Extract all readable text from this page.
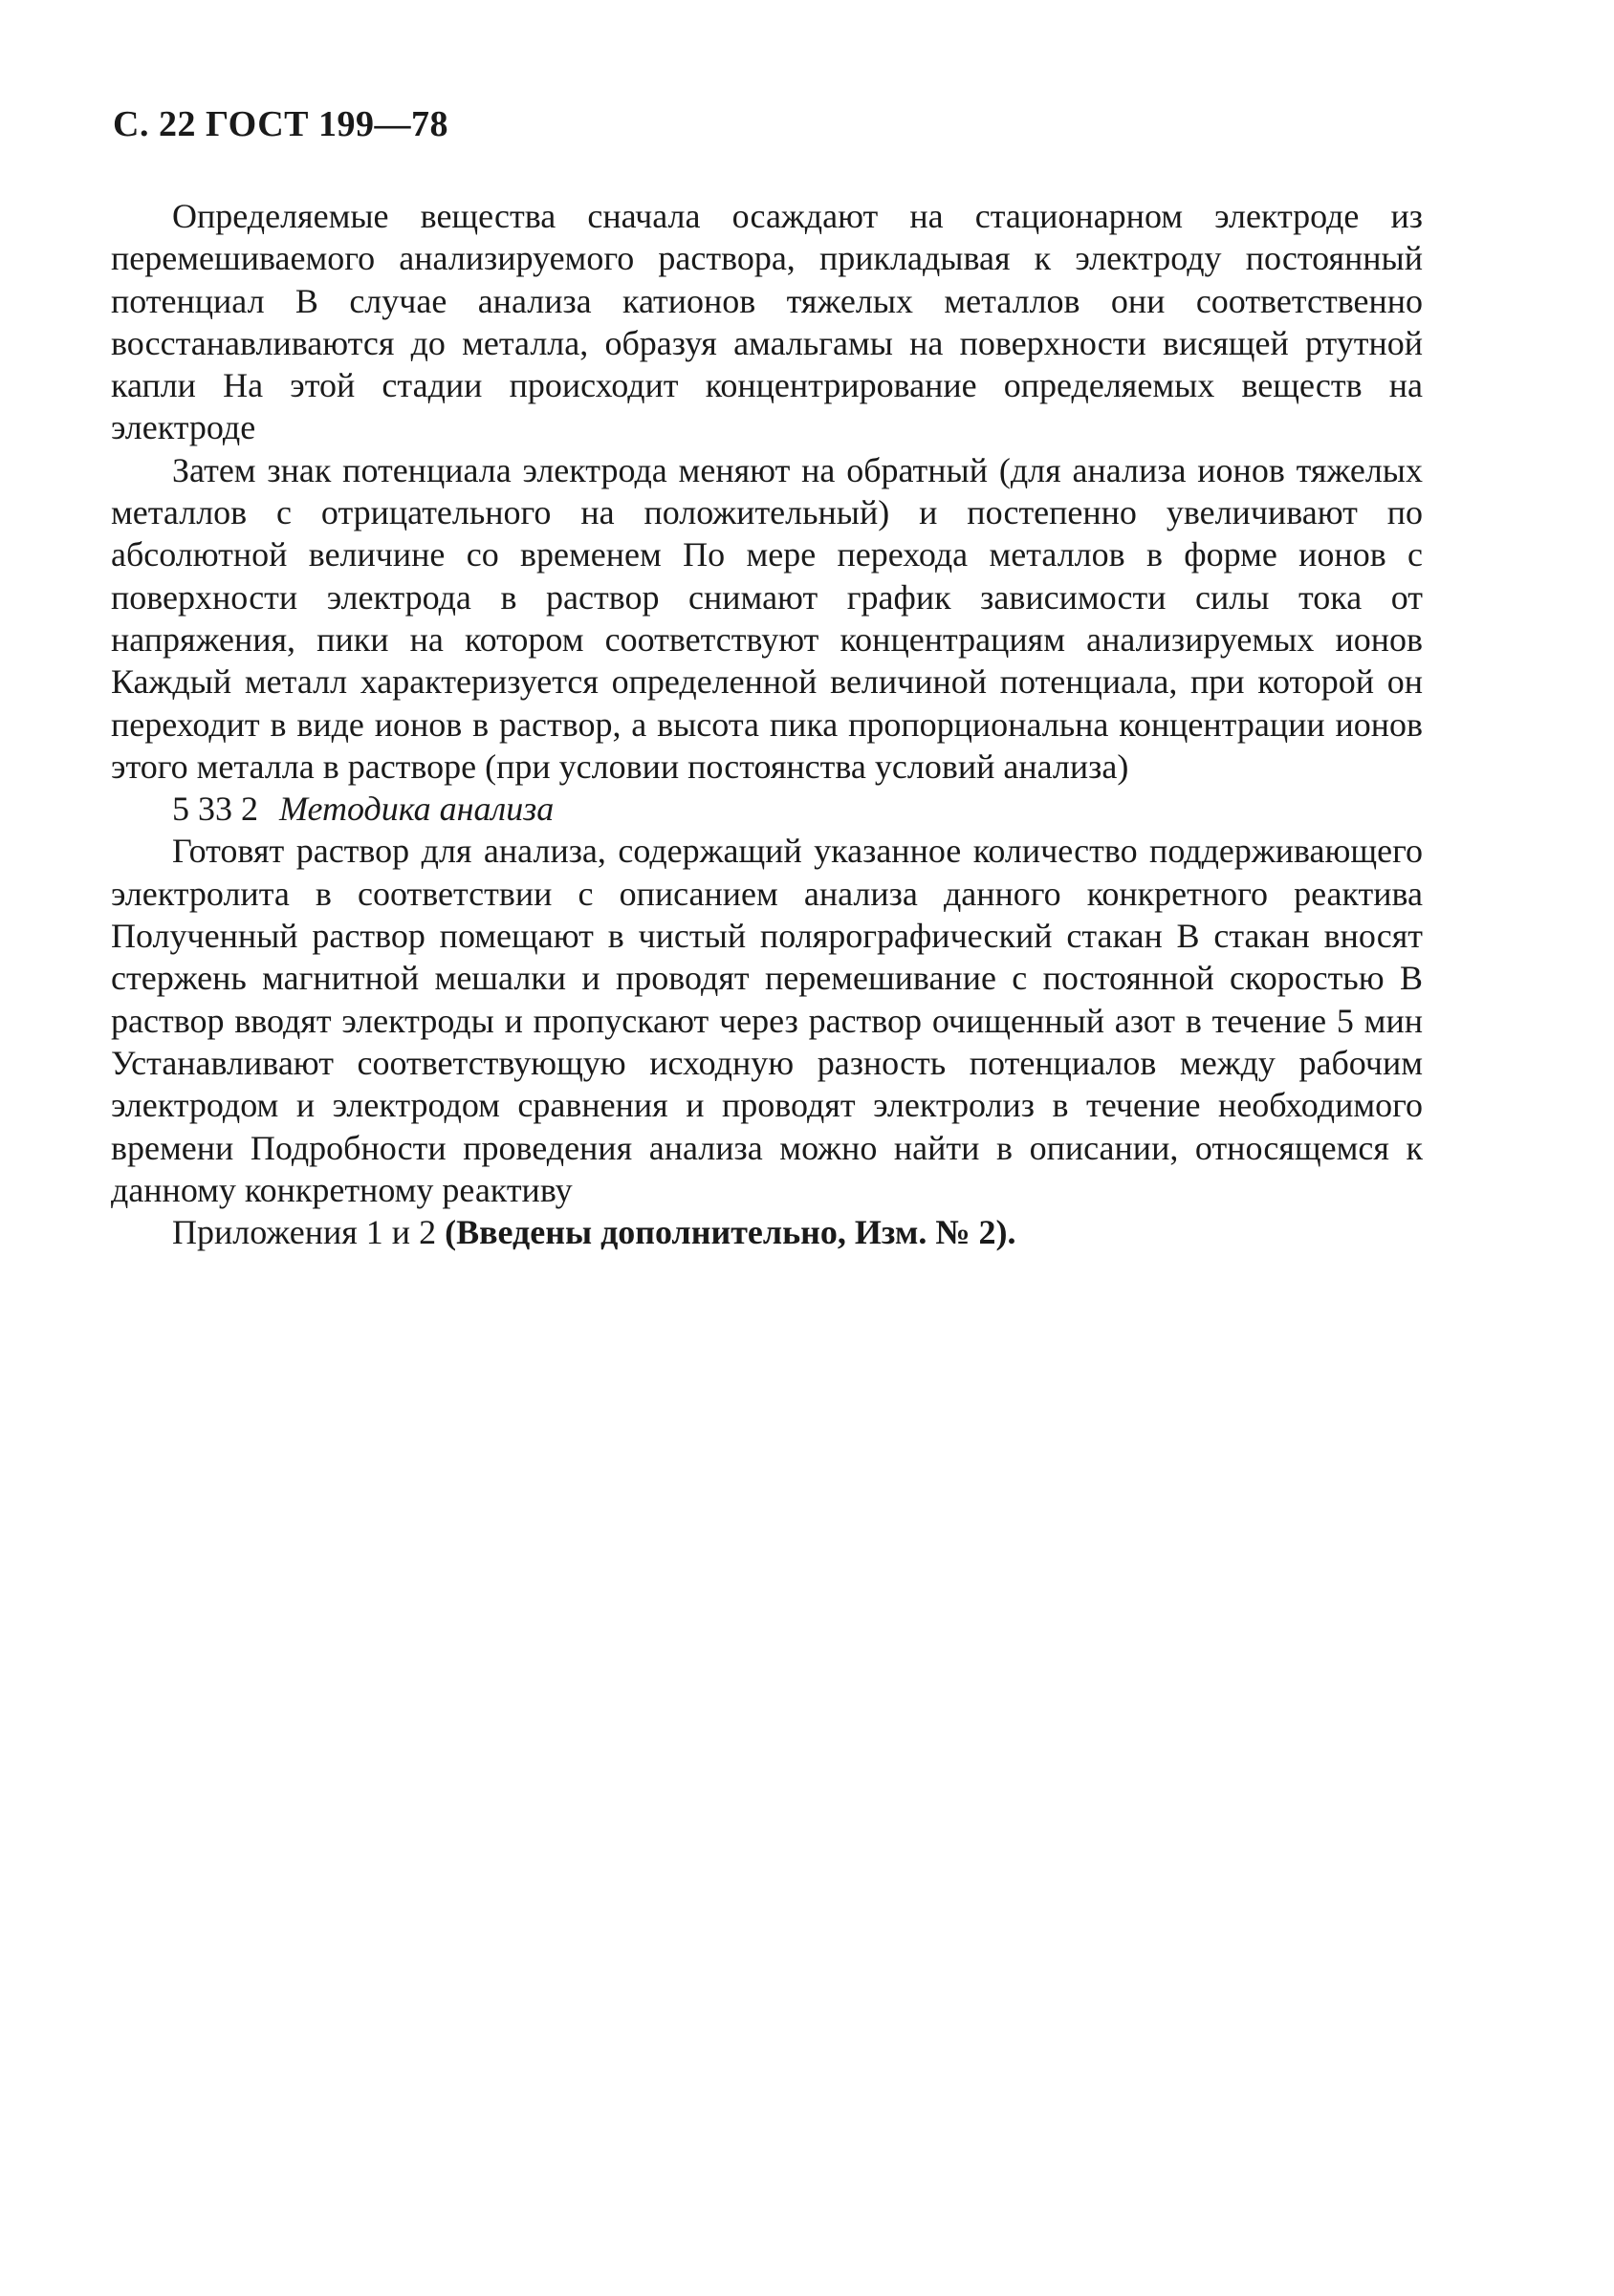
С. 22 ГОСТ 199—78

Определяемые вещества сначала осаждают на стационарном электроде из перемешиваемого анализируемого раствора, прикладывая к электроду постоянный потенциал В случае анализа катионов тяжелых металлов они соответственно восстанавливаются до металла, образуя амальгамы на поверхности висящей ртутной капли На этой стадии происходит концентрирование определяемых веществ на электроде

Затем знак потенциала электрода меняют на обратный (для анализа ионов тяжелых металлов с отрицательного на положительный) и постепенно увеличивают по абсолютной величине со временем По мере перехода металлов в форме ионов с поверхности электрода в раствор снимают график зависимости силы тока от напряжения, пики на котором соответствуют концентрациям анализируемых ионов Каждый металл характеризуется определенной величиной потенциала, при которой он переходит в виде ионов в раствор, а высота пика пропорциональна концентрации ионов этого металла в растворе (при условии постоянства условий анализа)

5 33 2 Методика анализа

Готовят раствор для анализа, содержащий указанное количество поддерживающего электролита в соответствии с описанием анализа данного конкретного реактива Полученный раствор помещают в чистый полярографический стакан В стакан вносят стержень магнитной мешалки и проводят перемешивание с постоянной скоростью В раствор вводят электроды и пропускают через раствор очищенный азот в течение 5 мин Устанавливают соответствующую исходную разность потенциалов между рабочим электродом и электродом сравнения и проводят электролиз в течение необходимого времени Подробности проведения анализа можно найти в описании, относящемся к данному конкретному реактиву

Приложения 1 и 2 (Введены дополнительно, Изм. № 2).
